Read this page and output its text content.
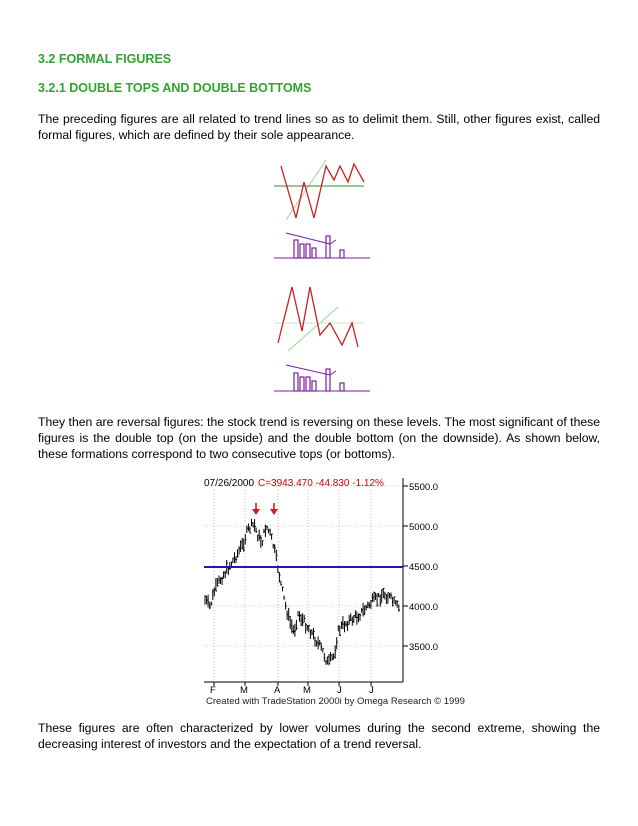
3.2 FORMAL FIGURES
3.2.1 DOUBLE TOPS AND DOUBLE BOTTOMS

The preceding figures are all related to trend lines so as to delimit them. Still, other figures exist, called formal figures, which are defined by their sole appearance.

They then are reversal figures: the stock trend is reversing on these levels. The most significant of these figures is the double top (on the upside) and the double bottom (on the downside). As shown below, these formations correspond to two consecutive tops (or bottoms).

07/26/2000 C=3943.470 -44.830 -1.12%	5500.0
5000.0
4500.0
4000.0
3500.0
F	M	A M	J	J
Created with TradeStation 2000i by Omega Research © 1999

These figures are often characterized by lower volumes during the second extreme, showing the decreasing interest of investors and the expectation of a trend reversal.
